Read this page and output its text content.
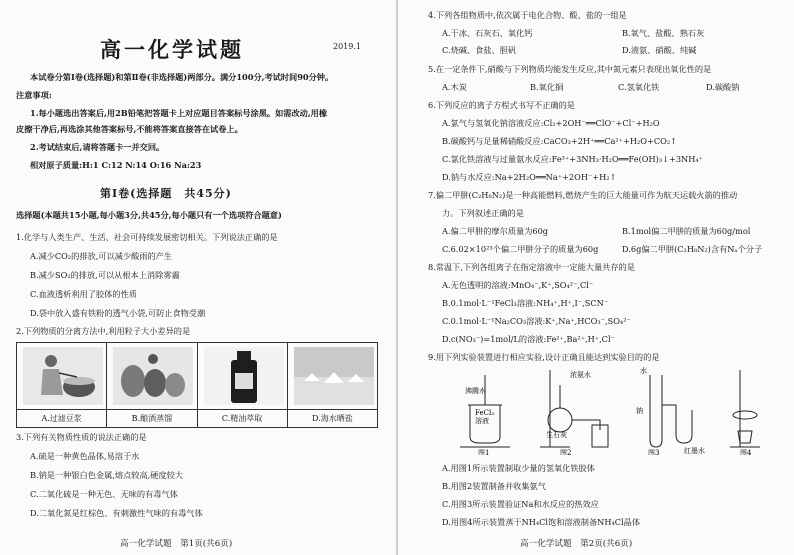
高一化学试题	2019.1
本试卷分第Ⅰ卷(选择题)和第Ⅱ卷(非选择题)两部分。满分100分,考试时间90分钟。
注意事项:
1.每小题选出答案后,用2B铅笔把答题卡上对应题目答案标号涂黑。如需改动,用橡
皮擦干净后,再选涂其他答案标号,不能将答案直接答在试卷上。
2.考试结束后,请将答题卡一并交回。
相对原子质量:H:1 C:12 N:14 O:16 Na:23
第Ⅰ卷(选择题　共45分)
选择题(本题共15小题,每小题3分,共45分,每小题只有一个选项符合题意)
1.化学与人类生产、生活、社会可持续发展密切相关。下列说法正确的是
A.减少CO₂的排放,可以减少酸雨的产生
B.减少SO₂的排放,可以从根本上消除雾霾
C.血液透析利用了胶体的性质
D.袋中放入盛有铁粉的透气小袋,可防止食物受潮
2.下列物质的分离方法中,利用粒子大小差异的是
A.过滤豆浆	B.酿酒蒸馏	C.精油萃取	D.海水晒盐
3.下列有关物质性质的说法正确的是
A.硫是一种黄色晶体,易溶于水
B.钠是一种银白色金属,熔点较高,硬度较大
C.二氧化硫是一种无色、无味的有毒气体
D.二氧化氮是红棕色、有刺激性气味的有毒气体
高一化学试题　第1页(共6页)
4.下列各组物质中,依次属于电化合物、酸、盐的一组是
A.干冰、石灰石、氧化钙	B.氧气、盐酸、熟石灰
C.烧碱、食盐、胆矾	D.液氨、硝酸、纯碱
5.在一定条件下,硝酸与下列物质均能发生反应,其中氮元素只表现出氧化性的是
A.木炭	B.氧化铜	C.氢氧化铁	D.碳酸钠
6.下列反应的离子方程式书写不正确的是
A.氯气与氢氧化钠溶液反应:Cl₂+2OH⁻══ClO⁻+Cl⁻+H₂O
B.碳酸钙与足量稀硝酸反应:CaCO₃+2H⁺══Ca²⁺+H₂O+CO₂↑
C.氯化铁溶液与过量氨水反应:Fe³⁺+3NH₃·H₂O══Fe(OH)₃↓+3NH₄⁺
D.钠与水反应:Na+2H₂O══Na⁺+2OH⁻+H₂↑
7.偏二甲肼(C₂H₈N₂)是一种高能燃料,燃烧产生的巨大能量可作为航天运载火箭的推动
力。下列叙述正确的是
A.偏二甲肼的摩尔质量为60g	B.1mol偏二甲肼的质量为60g/mol
C.6.02×10²³个偏二甲肼分子的质量为60g	D.6g偏二甲肼(C₂H₈N₂)含有Nₐ个分子
8.常温下,下列各组离子在指定溶液中一定能大量共存的是
A.无色透明的溶液:MnO₄⁻,K⁺,SO₄²⁻,Cl⁻
B.0.1mol·L⁻¹FeCl₃溶液:NH₄⁺,H⁺,I⁻,SCN⁻
C.0.1mol·L⁻¹Na₂CO₃溶液:K⁺,Na⁺,HCO₃⁻,SO₄²⁻
D.c(NO₃⁻)=1mol/L的溶液:Fe²⁺,Ba²⁺,H⁺,Cl⁻
9.用下列实验装置进行相应实验,设计正确且能达到实验目的的是
沸腾水
FeCl₃
溶液
浓氨水
生石灰
水
钠
红墨水
图1	图2	图3	图4
A.用图1所示装置制取少量的氢氧化铁胶体
B.用图2装置制备并收集氨气
C.用图3所示装置验证Na和水反应的热效应
D.用图4所示装置蒸干NH₄Cl饱和溶液制备NH₄Cl晶体
高一化学试题　第2页(共6页)
